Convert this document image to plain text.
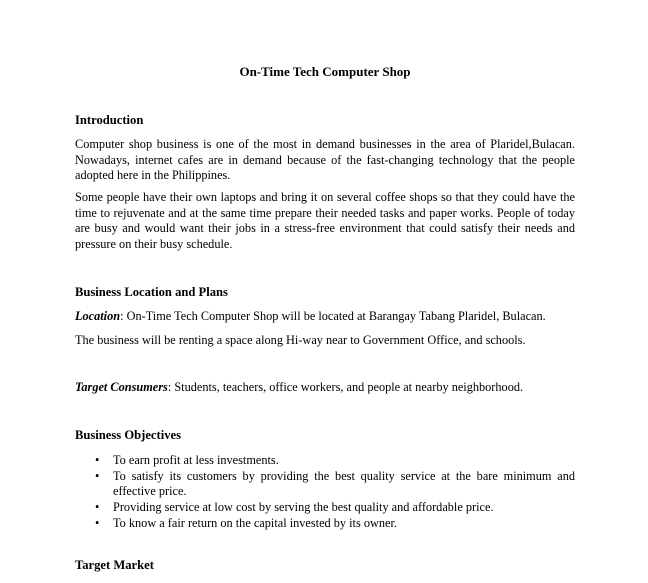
On-Time Tech Computer Shop
Introduction

Computer shop business is one of the most in demand businesses in the area of Plaridel,Bulacan. Nowadays, internet cafes are in demand because of the fast-changing technology that the people adopted here in the Philippines.

Some people have their own laptops and bring it on several coffee shops so that they could have the time to rejuvenate and at the same time prepare their needed tasks and paper works. People of today are busy and would want their jobs in a stress-free environment that could satisfy their needs and pressure on their busy schedule.

Business Location and Plans

Location: On-Time Tech Computer Shop will be located at Barangay Tabang Plaridel, Bulacan.

The business will be renting a space along Hi-way near to Government Office, and schools.

Target Consumers: Students, teachers, office workers, and people at nearby neighborhood.

Business Objectives
• To earn profit at less investments.
• To satisfy its customers by providing the best quality service at the bare minimum and effective price.
• Providing service at low cost by serving the best quality and affordable price.
• To know a fair return on the capital invested by its owner.
Target Market
